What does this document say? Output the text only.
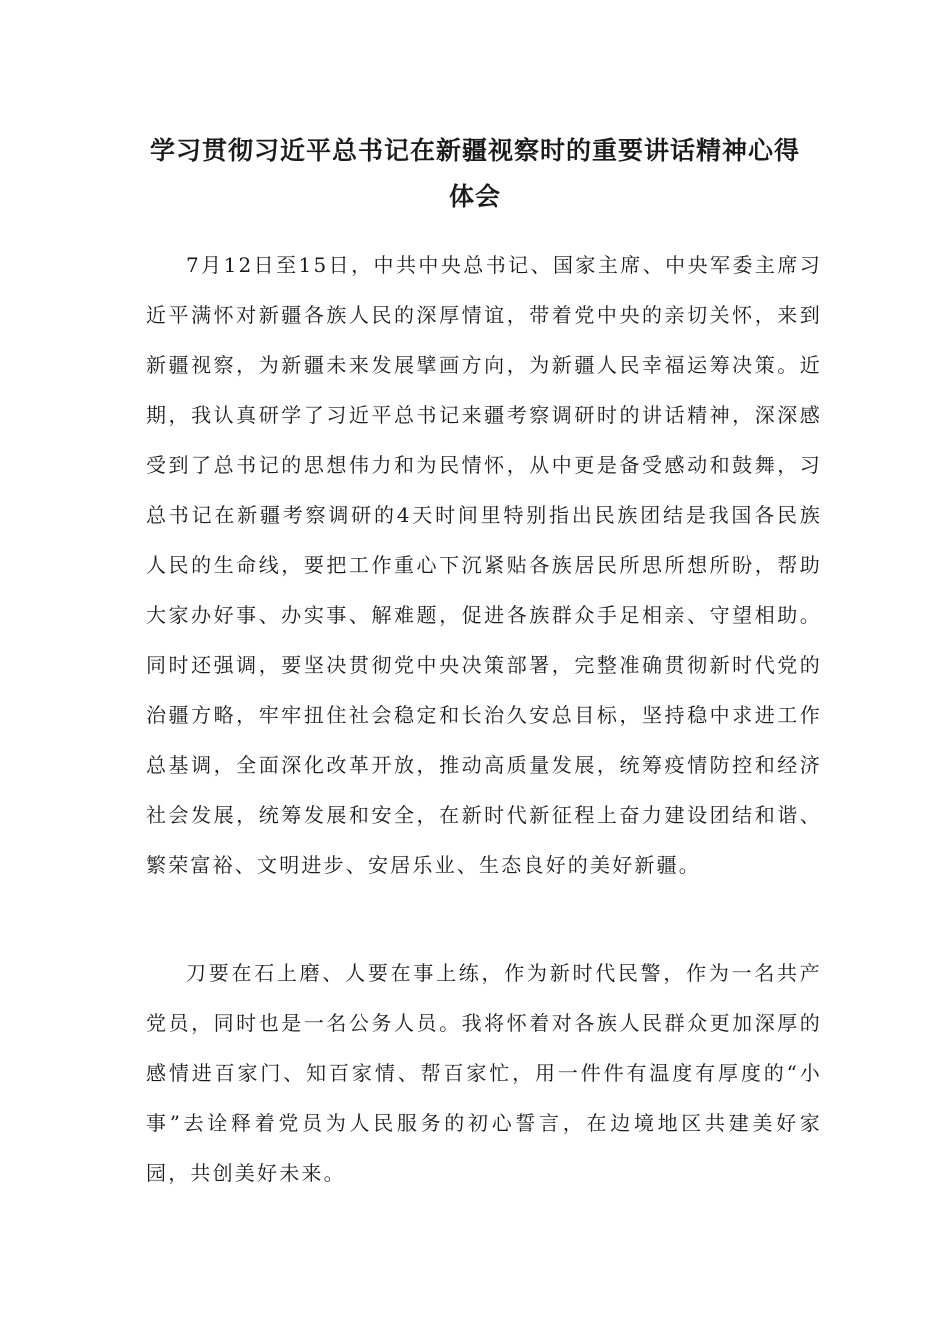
学习贯彻习近平总书记在新疆视察时的重要讲话精神心得体会

7月12日至15日，中共中央总书记、国家主席、中央军委主席习近平满怀对新疆各族人民的深厚情谊，带着党中央的亲切关怀，来到新疆视察，为新疆未来发展擘画方向，为新疆人民幸福运筹决策。近期，我认真研学了习近平总书记来疆考察调研时的讲话精神，深深感受到了总书记的思想伟力和为民情怀，从中更是备受感动和鼓舞，习总书记在新疆考察调研的4天时间里特别指出民族团结是我国各民族人民的生命线，要把工作重心下沉紧贴各族居民所思所想所盼，帮助大家办好事、办实事、解难题，促进各族群众手足相亲、守望相助。同时还强调，要坚决贯彻党中央决策部署，完整准确贯彻新时代党的治疆方略，牢牢扭住社会稳定和长治久安总目标，坚持稳中求进工作总基调，全面深化改革开放，推动高质量发展，统筹疫情防控和经济社会发展，统筹发展和安全，在新时代新征程上奋力建设团结和谐、繁荣富裕、文明进步、安居乐业、生态良好的美好新疆。

刀要在石上磨、人要在事上练，作为新时代民警，作为一名共产党员，同时也是一名公务人员。我将怀着对各族人民群众更加深厚的感情进百家门、知百家情、帮百家忙，用一件件有温度有厚度的“小事”去诠释着党员为人民服务的初心誓言，在边境地区共建美好家园，共创美好未来。
